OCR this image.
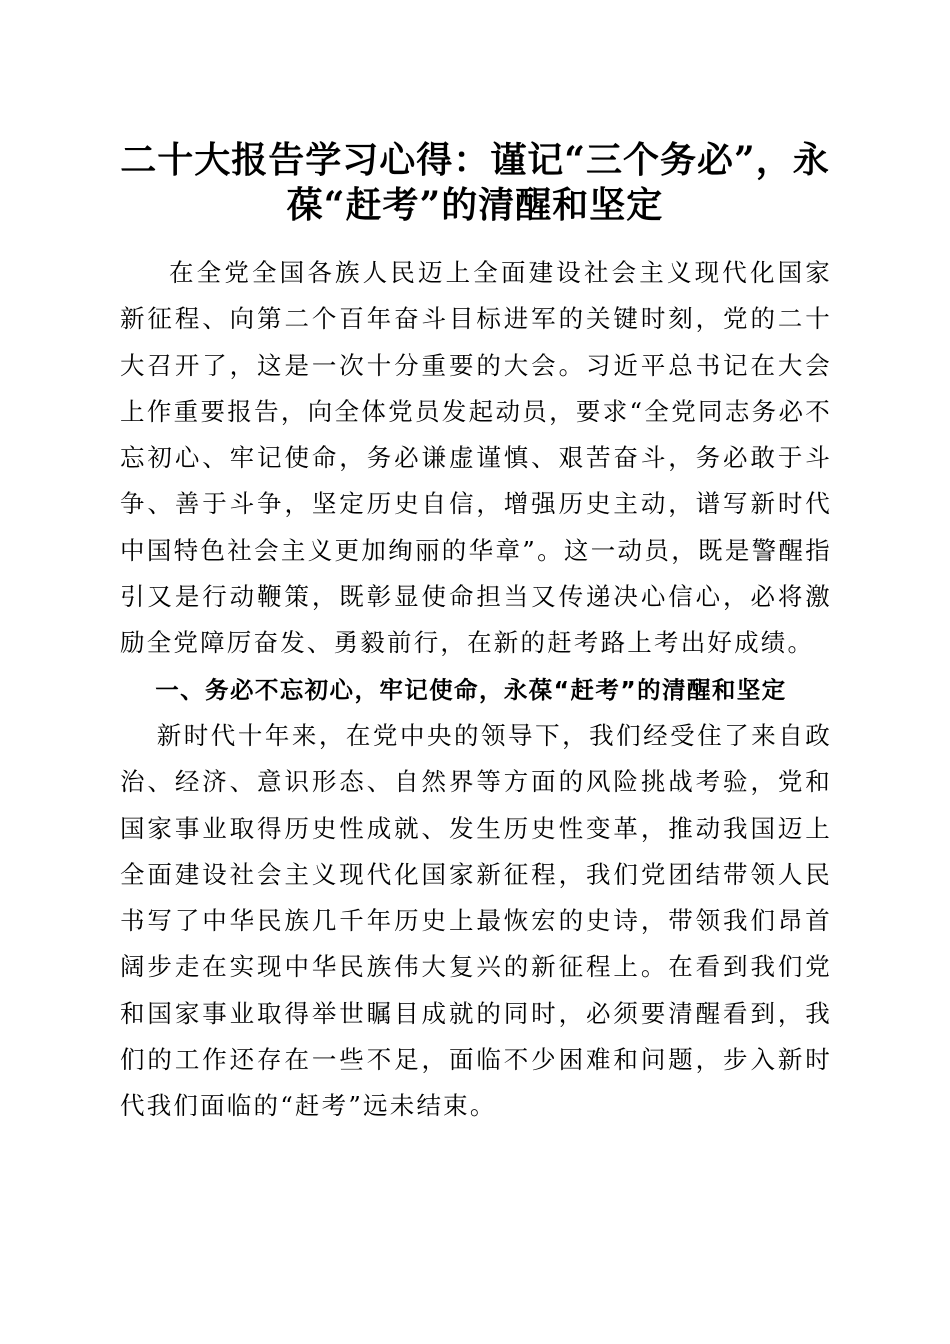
二十大报告学习心得：谨记“三个务必”，永葆“赶考”的清醒和坚定

在全党全国各族人民迈上全面建设社会主义现代化国家新征程、向第二个百年奋斗目标进军的关键时刻，党的二十大召开了，这是一次十分重要的大会。习近平总书记在大会上作重要报告，向全体党员发起动员，要求“全党同志务必不忘初心、牢记使命，务必谦虚谨慎、艰苦奋斗，务必敢于斗争、善于斗争，坚定历史自信，增强历史主动，谱写新时代中国特色社会主义更加绚丽的华章”。这一动员，既是警醒指引又是行动鞭策，既彰显使命担当又传递决心信心，必将激励全党障厉奋发、勇毅前行，在新的赶考路上考出好成绩。

一、务必不忘初心，牢记使命，永葆“赶考”的清醒和坚定

新时代十年来，在党中央的领导下，我们经受住了来自政治、经济、意识形态、自然界等方面的风险挑战考验，党和国家事业取得历史性成就、发生历史性变革，推动我国迈上全面建设社会主义现代化国家新征程，我们党团结带领人民书写了中华民族几千年历史上最恢宏的史诗，带领我们昂首阔步走在实现中华民族伟大复兴的新征程上。在看到我们党和国家事业取得举世瞩目成就的同时，必须要清醒看到，我们的工作还存在一些不足，面临不少困难和问题，步入新时代我们面临的“赶考”远未结束。
